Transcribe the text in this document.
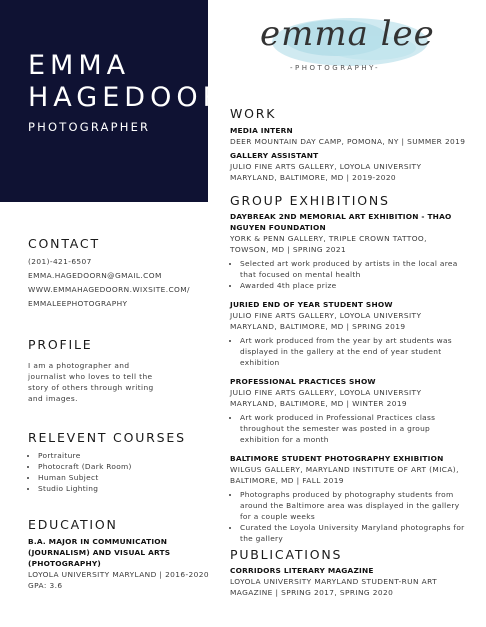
EMMA
HAGEDOORN
PHOTOGRAPHER
emma lee
-PHOTOGRAPHY-
CONTACT
(201)-421-6507
EMMA.HAGEDOORN@GMAIL.COM
WWW.EMMAHAGEDOORN.WIXSITE.COM/
EMMALEEPHOTOGRAPHY
PROFILE
I am a photographer and
journalist who loves to tell the
story of others through writing
and images.
RELEVENT COURSES
• Portraiture
• Photocraft (Dark Room)
• Human Subject
• Studio Lighting
EDUCATION
B.A. MAJOR IN COMMUNICATION
(JOURNALISM) AND VISUAL ARTS
(PHOTOGRAPHY)
LOYOLA UNIVERSITY MARYLAND | 2016-2020
GPA: 3.6
WORK
MEDIA INTERN
DEER MOUNTAIN DAY CAMP, POMONA, NY | SUMMER 2019
GALLERY ASSISTANT
JULIO FINE ARTS GALLERY, LOYOLA UNIVERSITY
MARYLAND, BALTIMORE, MD | 2019-2020
GROUP EXHIBITIONS
DAYBREAK 2ND MEMORIAL ART EXHIBITION - THAO
NGUYEN FOUNDATION
YORK & PENN GALLERY, TRIPLE CROWN TATTOO,
TOWSON, MD | SPRING 2021
• Selected art work produced by artists in the local area
that focused on mental health
• Awarded 4th place prize
JURIED END OF YEAR STUDENT SHOW
JULIO FINE ARTS GALLERY, LOYOLA UNIVERSITY
MARYLAND, BALTIMORE, MD | SPRING 2019
• Art work produced from the year by art students was
displayed in the gallery at the end of year student
exhibition
PROFESSIONAL PRACTICES SHOW
JULIO FINE ARTS GALLERY, LOYOLA UNIVERSITY
MARYLAND, BALTIMORE, MD | WINTER 2019
• Art work produced in Professional Practices class
throughout the semester was posted in a group
exhibition for a month
BALTIMORE STUDENT PHOTOGRAPHY EXHIBITION
WILGUS GALLERY, MARYLAND INSTITUTE OF ART (MICA),
BALTIMORE, MD | FALL 2019
• Photographs produced by photography students from
around the Baltimore area was displayed in the gallery
for a couple weeks
• Curated the Loyola University Maryland photographs for
the gallery
PUBLICATIONS
CORRIDORS LITERARY MAGAZINE
LOYOLA UNIVERSITY MARYLAND STUDENT-RUN ART
MAGAZINE | SPRING 2017, SPRING 2020
